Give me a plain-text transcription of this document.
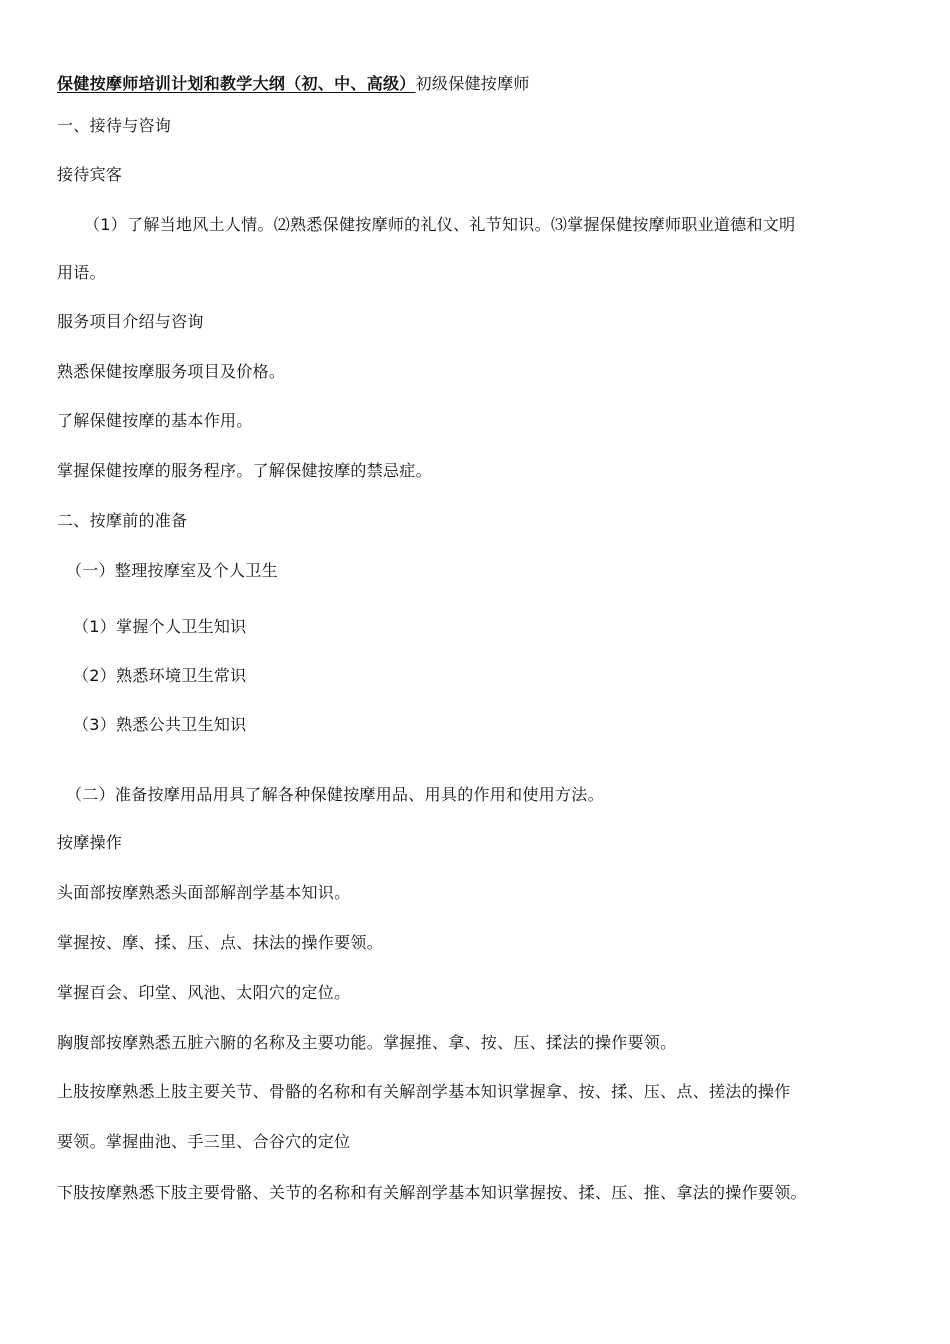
保健按摩师培训计划和教学大纲（初、中、高级）初级保健按摩师
一、接待与咨询
接待宾客
（1）了解当地风土人情。⑵熟悉保健按摩师的礼仪、礼节知识。⑶掌握保健按摩师职业道德和文明
用语。
服务项目介绍与咨询
熟悉保健按摩服务项目及价格。
了解保健按摩的基本作用。
掌握保健按摩的服务程序。了解保健按摩的禁忌症。
二、按摩前的准备
（一）整理按摩室及个人卫生
（1）掌握个人卫生知识
（2）熟悉环境卫生常识
（3）熟悉公共卫生知识
（二）准备按摩用品用具了解各种保健按摩用品、用具的作用和使用方法。
按摩操作
头面部按摩熟悉头面部解剖学基本知识。
掌握按、摩、揉、压、点、抹法的操作要领。
掌握百会、印堂、风池、太阳穴的定位。
胸腹部按摩熟悉五脏六腑的名称及主要功能。掌握推、拿、按、压、揉法的操作要领。
上肢按摩熟悉上肢主要关节、骨骼的名称和有关解剖学基本知识掌握拿、按、揉、压、点、搓法的操作
要领。掌握曲池、手三里、合谷穴的定位
下肢按摩熟悉下肢主要骨骼、关节的名称和有关解剖学基本知识掌握按、揉、压、推、拿法的操作要领。
